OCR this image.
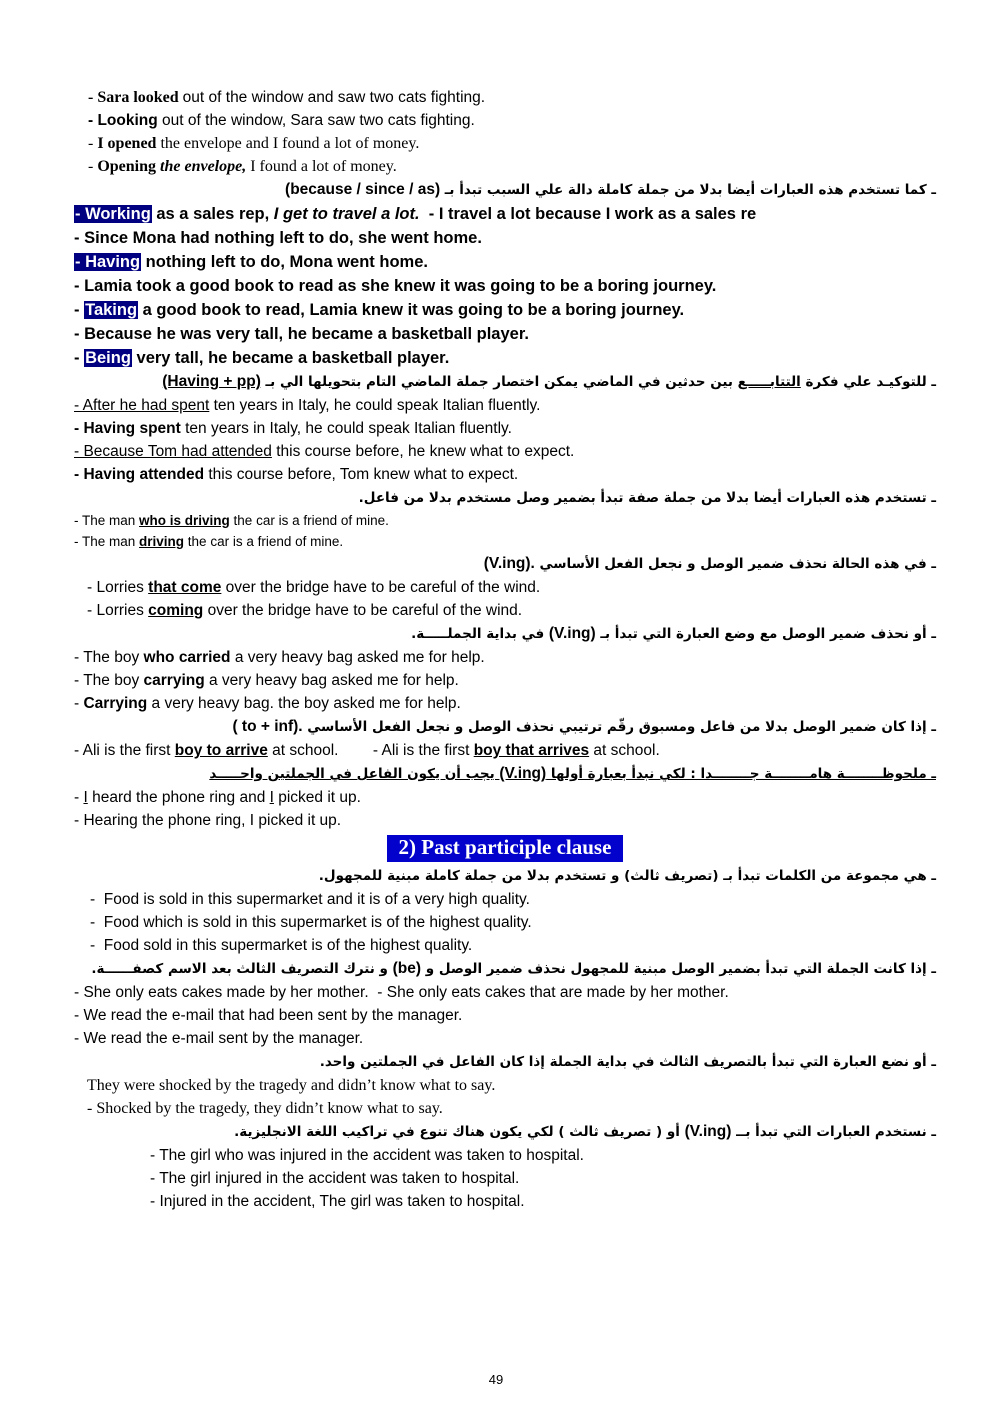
- Sara looked out of the window and saw two cats fighting.
- Looking out of the window, Sara saw two cats fighting.
- I opened the envelope and I found a lot of money.
- Opening the envelope, I found a lot of money.
ـ كما تستخدم هذه العبارات أيضا بدلا من جملة كاملة دالة علي السبب تبدأ بـ (because / since / as)
- Working as a sales rep, I get to travel a lot.  - I travel a lot because I work as a sales re
- Since Mona had nothing left to do, she went home.
- Having nothing left to do, Mona went home.
- Lamia took a good book to read as she knew it was going to be a boring journey.
- Taking a good book to read, Lamia knew it was going to be a boring journey.
- Because he was very tall, he became a basketball player.
- Being very tall, he became a basketball player.
ـ للتوكيـد علي فكرة التتابـــــع بين حدثين في الماضي يمكن اختصار جملة الماضي التام بتحويلها الي بـ (Having + pp)
- After he had spent ten years in Italy, he could speak Italian fluently.
- Having spent ten years in Italy, he could speak Italian fluently.
- Because Tom had attended this course before, he knew what to expect.
- Having attended this course before, Tom knew what to expect.
ـ تستخدم هذه العبارات أيضا بدلا من جملة صفة تبدأ بضمير وصل مستخدم بدلا من فاعل.
- The man who is driving the car is a friend of mine.
- The man driving the car is a friend of mine.
ـ في هذه الحالة نحذف ضمير الوصل و نجعل الفعل الأساسي (V.ing).
- Lorries that come over the bridge have to be careful of the wind.
- Lorries coming over the bridge have to be careful of the wind.
ـ أو نحذف ضمير الوصل مع وضع العبارة التي تبدأ بـ (V.ing) في بداية الجملـــــة.
- The boy who carried a very heavy bag asked me for help.
- The boy carrying a very heavy bag asked me for help.
- Carrying a very heavy bag. the boy asked me for help.
ـ إذا كان ضمير الوصل بدلا من فاعل ومسبوق رقّم ترتيبي نحذف الوصل و نجعل الفعل الأساسي ( to + inf).
- Ali is the first boy to arrive at school.        - Ali is the first boy that arrives at school.
ـ ملحوظــــــــة هامــــــــة جــــــــدا : لكي نبدأ بعبارة أولها (V.ing) يجب أن يكون الفاعل في الجملتين واحـــــد
- I heard the phone ring and I picked it up.
- Hearing the phone ring, I picked it up.
2) Past participle clause
ـ هي مجموعة من الكلمات تبدأ بـ (تصريف ثالث) و تستخدم بدلا من جملة كاملة مبنية للمجهول.
-  Food is sold in this supermarket and it is of a very high quality.
-  Food which is sold in this supermarket is of the highest quality.
-  Food sold in this supermarket is of the highest quality.
ـ إذا كانت الجملة التي تبدأ بضمير الوصل مبنية للمجهول نحذف ضمير الوصل و (be) و نترك التصريف الثالث بعد الاسم كصفــــــة.
- She only eats cakes made by her mother.  - She only eats cakes that are made by her mother.
- We read the e-mail that had been sent by the manager.
- We read the e-mail sent by the manager.
ـ أو نضع العبارة التي تبدأ بالتصريف الثالث في بداية الجملة إذا كان الفاعل في الجملتين واحد.
They were shocked by the tragedy and didn’t know what to say.
- Shocked by the tragedy, they didn’t know what to say.
ـ نستخدم العبارات التي تبدأ بــ (V.ing) أو ( تصريف ثالث ) لكي يكون هناك تنوع في تراكيب اللغة الانجليزية.
- The girl who was injured in the accident was taken to hospital.
- The girl injured in the accident was taken to hospital.
- Injured in the accident, The girl was taken to hospital.
49
